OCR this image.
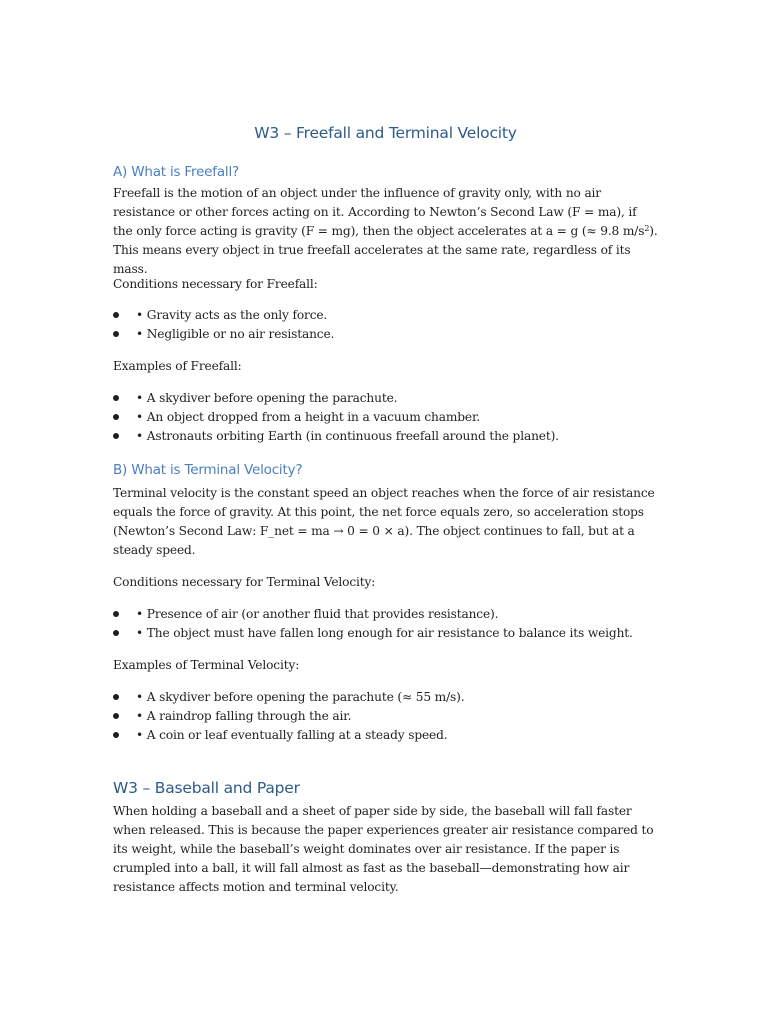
W3 – Freefall and Terminal Velocity
A) What is Freefall?

Freefall is the motion of an object under the influence of gravity only, with no air resistance or other forces acting on it. According to Newton’s Second Law (F = ma), if the only force acting is gravity (F = mg), then the object accelerates at a = g (≈ 9.8 $m/s^2$). This means every object in true freefall accelerates at the same rate, regardless of its mass.

Conditions necessary for Freefall:

• Gravity acts as the only force.
• Negligible or no air resistance.

Examples of Freefall:

• A skydiver before opening the parachute.
• An object dropped from a height in a vacuum chamber.
• Astronauts orbiting Earth (in continuous freefall around the planet).
B) What is Terminal Velocity?

Terminal velocity is the constant speed an object reaches when the force of air resistance equals the force of gravity. At this point, the net force equals zero, so acceleration stops (Newton’s Second Law: F_net = ma → 0 = 0 × a). The object continues to fall, but at a steady speed.

Conditions necessary for Terminal Velocity:

• Presence of air (or another fluid that provides resistance).
• The object must have fallen long enough for air resistance to balance its weight.

Examples of Terminal Velocity:

• A skydiver before opening the parachute (≈ 55 m/s).
• A raindrop falling through the air.
• A coin or leaf eventually falling at a steady speed.
W3 – Baseball and Paper

When holding a baseball and a sheet of paper side by side, the baseball will fall faster when released. This is because the paper experiences greater air resistance compared to its weight, while the baseball’s weight dominates over air resistance. If the paper is crumpled into a ball, it will fall almost as fast as the baseball—demonstrating how air resistance affects motion and terminal velocity.
